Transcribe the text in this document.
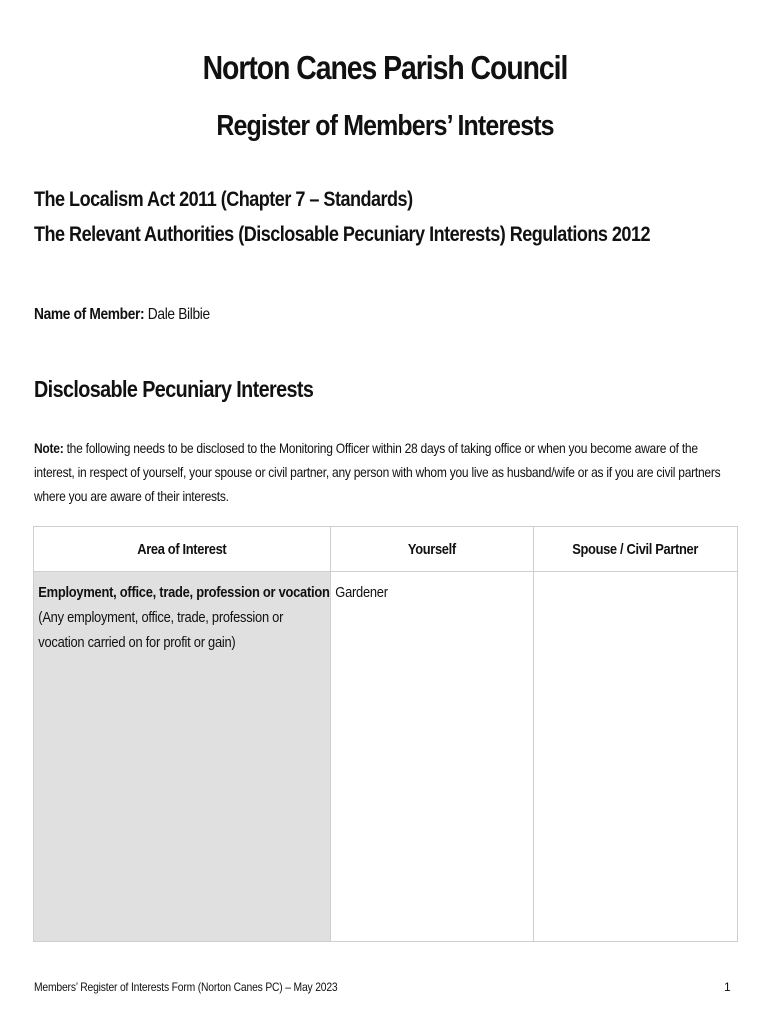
Norton Canes Parish Council
Register of Members’ Interests
The Localism Act 2011 (Chapter 7 – Standards)
The Relevant Authorities (Disclosable Pecuniary Interests) Regulations 2012
Name of Member: Dale Bilbie
Disclosable Pecuniary Interests
Note: the following needs to be disclosed to the Monitoring Officer within 28 days of taking office or when you become aware of the interest, in respect of yourself, your spouse or civil partner, any person with whom you live as husband/wife or as if you are civil partners where you are aware of their interests.
Area of Interest	Yourself	Spouse / Civil Partner

Employment, office, trade, profession or vocation
(Any employment, office, trade, profession or vocation carried on for profit or gain)	Gardener	

Members’ Register of Interests Form (Norton Canes PC) – May 2023	1
